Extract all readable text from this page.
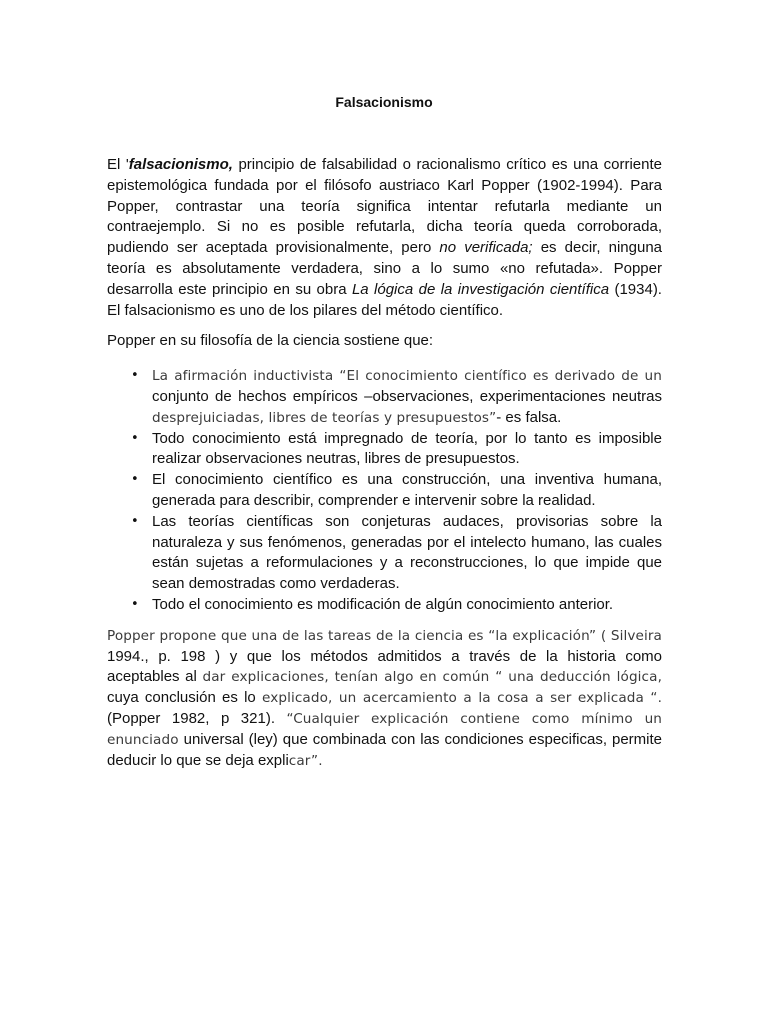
Falsacionismo

El 'falsacionismo, principio de falsabilidad o racionalismo crítico es una corriente epistemológica fundada por el filósofo austriaco Karl Popper (1902-1994). Para Popper, contrastar una teoría significa intentar refutarla mediante un contraejemplo. Si no es posible refutarla, dicha teoría queda corroborada, pudiendo ser aceptada provisionalmente, pero no verificada; es decir, ninguna teoría es absolutamente verdadera, sino a lo sumo «no refutada». Popper desarrolla este principio en su obra La lógica de la investigación científica (1934). El falsacionismo es uno de los pilares del método científico.

Popper en su filosofía de la ciencia sostiene que:

• La afirmación inductivista “El conocimiento científico es derivado de un conjunto de hechos empíricos –observaciones, experimentaciones neutras desprejuiciadas, libres de teorías y presupuestos”- es falsa.
• Todo conocimiento está impregnado de teoría, por lo tanto es imposible realizar observaciones neutras, libres de presupuestos.
• El conocimiento científico es una construcción, una inventiva humana, generada para describir, comprender e intervenir sobre la realidad.
• Las teorías científicas son conjeturas audaces, provisorias sobre la naturaleza y sus fenómenos, generadas por el intelecto humano, las cuales están sujetas a reformulaciones y a reconstrucciones, lo que impide que sean demostradas como verdaderas.
• Todo el conocimiento es modificación de algún conocimiento anterior.

Popper propone que una de las tareas de la ciencia es “la explicación” ( Silveira 1994., p. 198 ) y que los métodos admitidos a través de la historia como aceptables al dar explicaciones, tenían algo en común “ una deducción lógica, cuya conclusión es lo explicado, un acercamiento a la cosa a ser explicada “. (Popper 1982, p 321). “Cualquier explicación contiene como mínimo un enunciado universal (ley) que combinada con las condiciones especificas, permite deducir lo que se deja explicar”.
